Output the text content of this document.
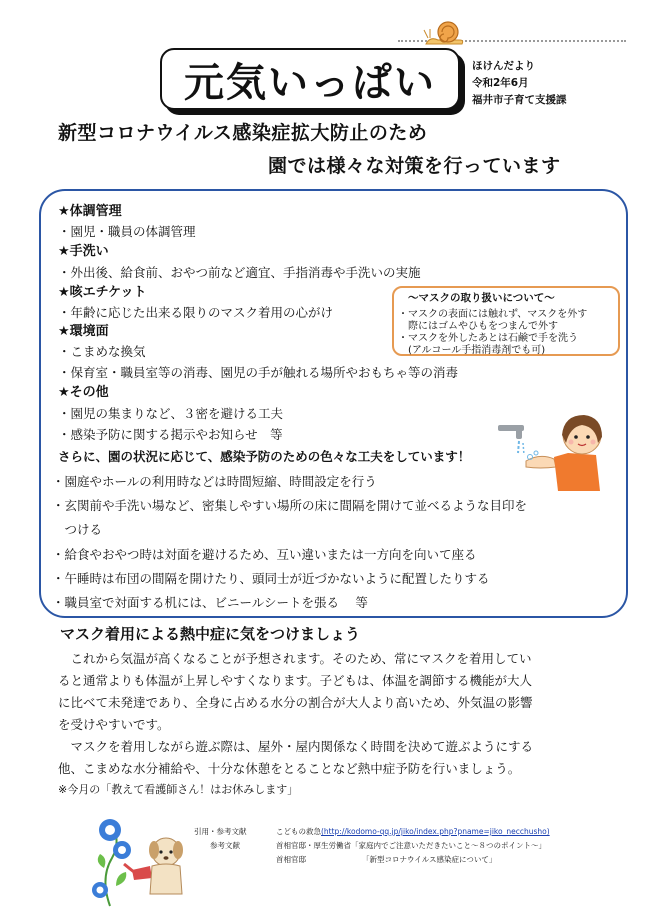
元気いっぱい	ほけんだより
令和2年6月
福井市子育て支援課
新型コロナウイルス感染症拡大防止のため
園では様々な対策を行っています
★体調管理
・園児・職員の体調管理
★手洗い
・外出後、給食前、おやつ前など適宜、手指消毒や手洗いの実施
★咳エチケット
・年齢に応じた出来る限りのマスク着用の心がけ
★環境面
・こまめな換気
・保育室・職員室等の消毒、園児の手が触れる場所やおもちゃ等の消毒
★その他
・園児の集まりなど、３密を避ける工夫
・感染予防に関する掲示やお知らせ　等
～マスクの取り扱いについて～
・マスクの表面には触れず、マスクを外す
　際にはゴムやひもをつまんで外す
・マスクを外したあとは石鹸で手を洗う
　(アルコール手指消毒剤でも可)
さらに、園の状況に応じて、感染予防のための色々な工夫をしています！
・園庭やホールの利用時などは時間短縮、時間設定を行う
・玄関前や手洗い場など、密集しやすい場所の床に間隔を開けて並べるような目印を
　つける
・給食やおやつ時は対面を避けるため、互い違いまたは一方向を向いて座る
・午睡時は布団の間隔を開けたり、頭同士が近づかないように配置したりする
・職員室で対面する机には、ビニールシートを張る　 等
マスク着用による熱中症に気をつけましょう
　これから気温が高くなることが予想されます。そのため、常にマスクを着用してい
ると通常よりも体温が上昇しやすくなります。子どもは、体温を調節する機能が大人
に比べて未発達であり、全身に占める水分の割合が大人より高いため、外気温の影響
を受けやすいです。
　マスクを着用しながら遊ぶ際は、屋外・屋内関係なく時間を決めて遊ぶようにする
他、こまめな水分補給や、十分な休憩をとることなど熱中症予防を行いましょう。
※今月の「教えて看護師さん！はお休みします」
引用・参考文献
参考文献
こどもの救急(http://kodomo-qq.jp/jiko/index.php?pname=jiko_necchusho)
首相官邸・厚生労働省「家庭内でご注意いただきたいこと～８つのポイント～」
首相官邸	「新型コロナウイルス感染症について」
